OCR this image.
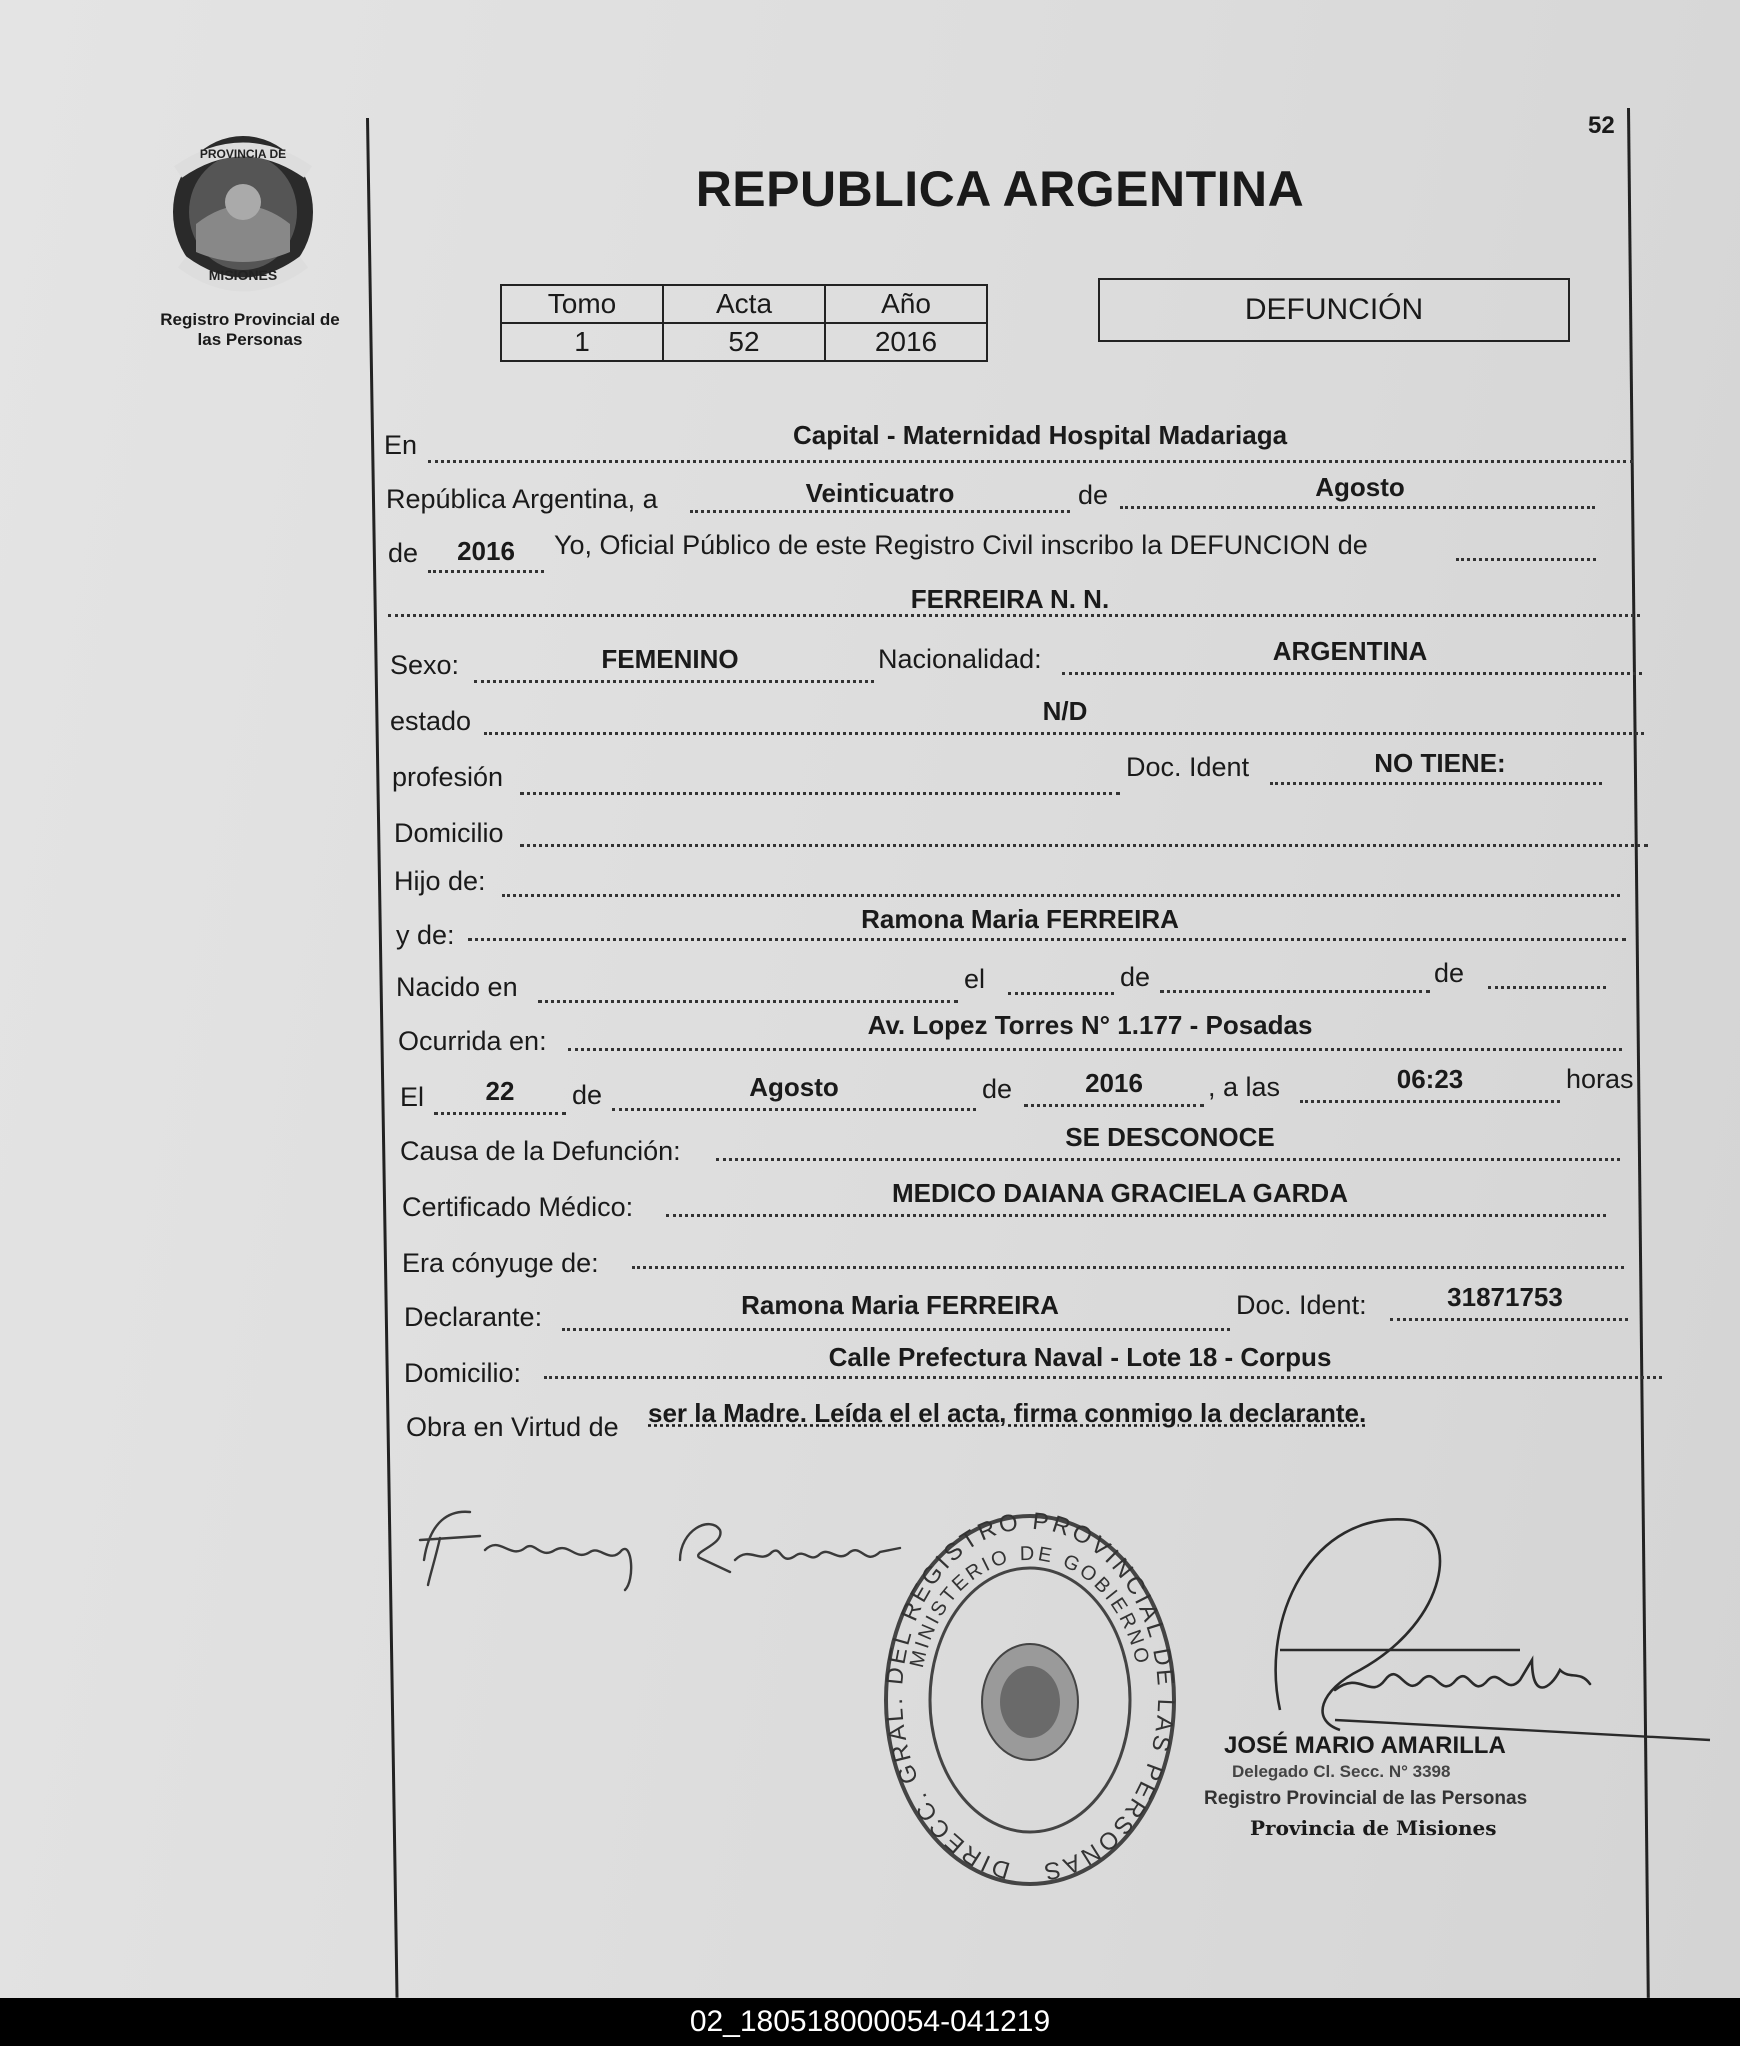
PROVINCIA DE
MISIONES
Registro Provincial de
las Personas
52
REPUBLICA ARGENTINA
Tomo	Acta	Año
1	52	2016
DEFUNCIÓN
En	Capital - Maternidad Hospital Madariaga
República Argentina, a	Veinticuatro	de	Agosto
de	2016	Yo, Oficial Público de este Registro Civil inscribo la DEFUNCION de
FERREIRA N. N.
Sexo:	FEMENINO	Nacionalidad:	ARGENTINA
estado	N/D
profesión	Doc. Ident	NO TIENE:
Domicilio
Hijo de:
y de:
Ramona Maria FERREIRA
Nacido en	el	de	de
Ocurrida en:
Av. Lopez Torres N° 1.177 - Posadas
El	22	de	Agosto	de	2016	, a las	06:23	horas
Causa de la Defunción:	SE DESCONOCE
Certificado Médico:	MEDICO DAIANA GRACIELA GARDA
Era cónyuge de:
Declarante:	Ramona Maria FERREIRA	Doc. Ident:	31871753
Domicilio:
Calle Prefectura Naval - Lote 18 - Corpus
Obra en Virtud de ser la Madre. Leída el el acta, firma conmigo la declarante.
DIRECC. GRAL. DEL REGISTRO PROVINCIAL DE LAS PERSONAS
MINISTERIO DE GOBIERNO
JOSÉ MARIO AMARILLA
Delegado Cl. Secc. N° 3398
Registro Provincial de las Personas
Provincia de Misiones
02_180518000054-041219
